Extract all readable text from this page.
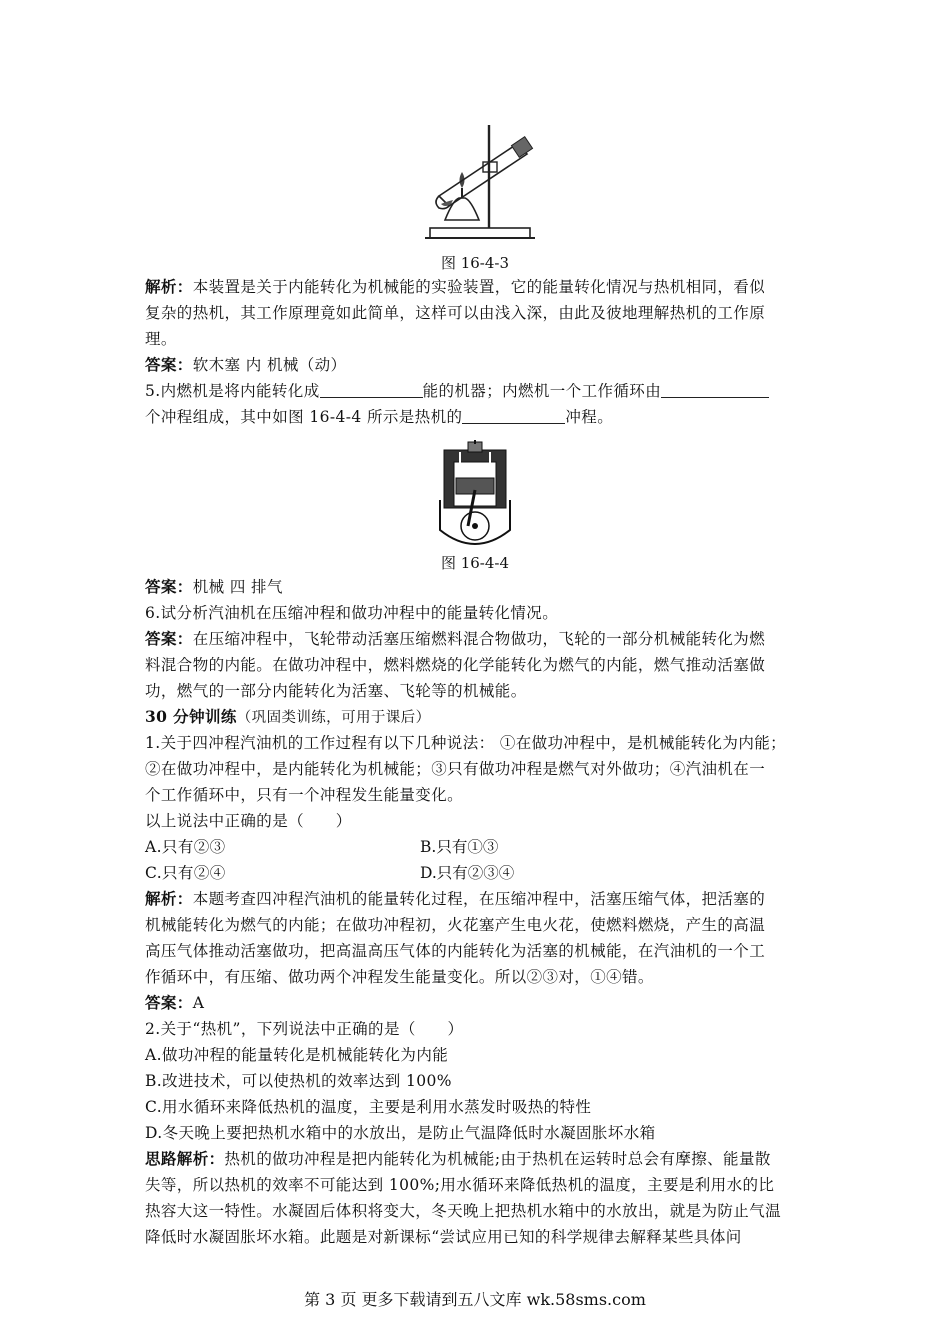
图 16-4-3
解析：本装置是关于内能转化为机械能的实验装置，它的能量转化情况与热机相同，看似
复杂的热机，其工作原理竟如此简单，这样可以由浅入深，由此及彼地理解热机的工作原
理。
答案：软木塞 内 机械（动）
5.内燃机是将内能转化成	能的机器；内燃机一个工作循环由
个冲程组成，其中如图 16-4-4 所示是热机的	冲程。
图 16-4-4
答案：机械 四 排气
6.试分析汽油机在压缩冲程和做功冲程中的能量转化情况。
答案：在压缩冲程中，飞轮带动活塞压缩燃料混合物做功，飞轮的一部分机械能转化为燃
料混合物的内能。在做功冲程中，燃料燃烧的化学能转化为燃气的内能，燃气推动活塞做
功，燃气的一部分内能转化为活塞、飞轮等的机械能。
30 分钟训练（巩固类训练，可用于课后）
1.关于四冲程汽油机的工作过程有以下几种说法： ①在做功冲程中，是机械能转化为内能；
②在做功冲程中，是内能转化为机械能；③只有做功冲程是燃气对外做功；④汽油机在一
个工作循环中，只有一个冲程发生能量变化。
以上说法中正确的是（　　）
A.只有②③	B.只有①③
C.只有②④	D.只有②③④
解析：本题考查四冲程汽油机的能量转化过程，在压缩冲程中，活塞压缩气体，把活塞的
机械能转化为燃气的内能；在做功冲程初，火花塞产生电火花，使燃料燃烧，产生的高温
高压气体推动活塞做功，把高温高压气体的内能转化为活塞的机械能，在汽油机的一个工
作循环中，有压缩、做功两个冲程发生能量变化。所以②③对，①④错。
答案：A
2.关于“热机”，下列说法中正确的是（　　）
A.做功冲程的能量转化是机械能转化为内能
B.改进技术，可以使热机的效率达到 100%
C.用水循环来降低热机的温度，主要是利用水蒸发时吸热的特性
D.冬天晚上要把热机水箱中的水放出，是防止气温降低时水凝固胀坏水箱
思路解析：热机的做功冲程是把内能转化为机械能;由于热机在运转时总会有摩擦、能量散
失等，所以热机的效率不可能达到 100%;用水循环来降低热机的温度，主要是利用水的比
热容大这一特性。水凝固后体积将变大，冬天晚上把热机水箱中的水放出，就是为防止气温
降低时水凝固胀坏水箱。此题是对新课标“尝试应用已知的科学规律去解释某些具体问
第 3 页 更多下载请到五八文库 wk.58sms.com
